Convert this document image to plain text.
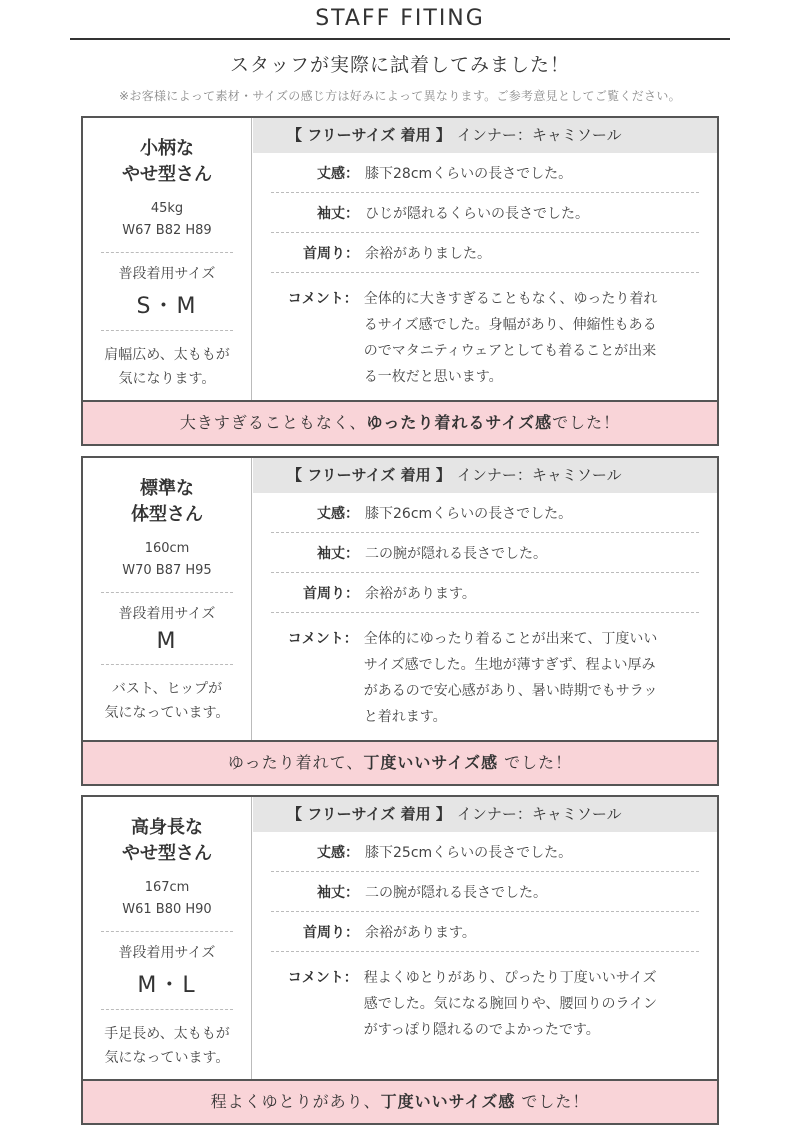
STAFF FITING
スタッフが実際に試着してみました！
※お客様によって素材・サイズの感じ方は好みによって異なります。ご参考意見としてご覧ください。
小柄な
やせ型さん
45kg
W67 B82 H89
普段着用サイズ
S・M
肩幅広め、太ももが
気になります。
【 フリーサイズ 着用 】 インナー：キャミソール
丈感： 膝下28cmくらいの長さでした。
袖丈： ひじが隠れるくらいの長さでした。
首周り： 余裕がありました。
コメント： 全体的に大きすぎることもなく、ゆったり着れ
るサイズ感でした。身幅があり、伸縮性もある
のでマタニティウェアとしても着ることが出来
る一枚だと思います。
大きすぎることもなく、ゆったり着れるサイズ感でした！
標準な
体型さん
160cm
W70 B87 H95
普段着用サイズ
M
バスト、ヒップが
気になっています。
【 フリーサイズ 着用 】 インナー：キャミソール
丈感： 膝下26cmくらいの長さでした。
袖丈： 二の腕が隠れる長さでした。
首周り： 余裕があります。
コメント： 全体的にゆったり着ることが出来て、丁度いい
サイズ感でした。生地が薄すぎず、程よい厚み
があるので安心感があり、暑い時期でもサラッ
と着れます。
ゆったり着れて、丁度いいサイズ感 でした！
高身長な
やせ型さん
167cm
W61 B80 H90
普段着用サイズ
M・L
手足長め、太ももが
気になっています。
【 フリーサイズ 着用 】 インナー：キャミソール
丈感： 膝下25cmくらいの長さでした。
袖丈： 二の腕が隠れる長さでした。
首周り： 余裕があります。
コメント： 程よくゆとりがあり、ぴったり丁度いいサイズ
感でした。気になる腕回りや、腰回りのライン
がすっぽり隠れるのでよかったです。
程よくゆとりがあり、丁度いいサイズ感 でした！
